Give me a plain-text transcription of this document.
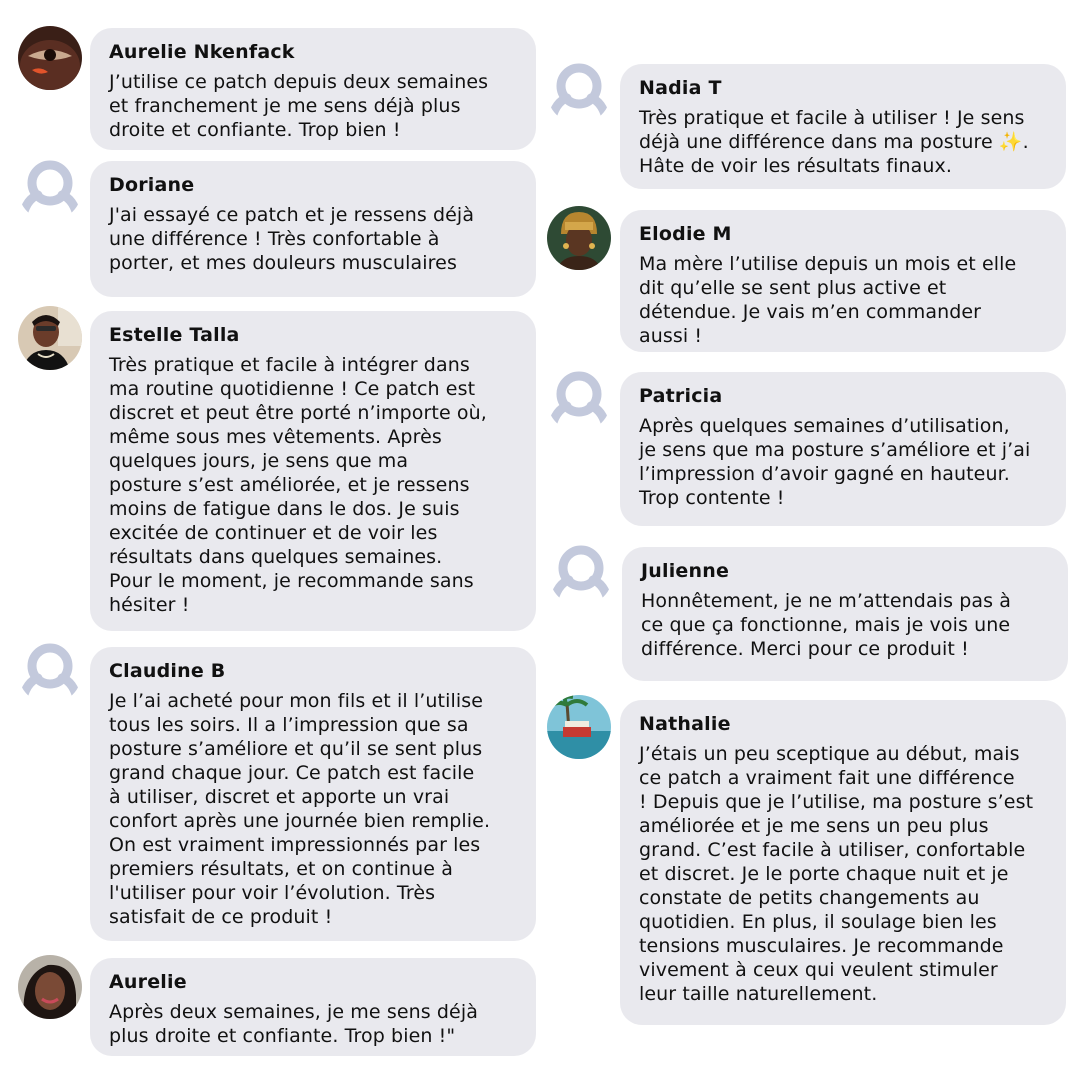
Aurelie Nkenfack
J’utilise ce patch depuis deux semaines
et franchement je me sens déjà plus
droite et confiante. Trop bien !
Doriane
J'ai essayé ce patch et je ressens déjà
une différence ! Très confortable à
porter, et mes douleurs musculaires
Estelle Talla
Très pratique et facile à intégrer dans
ma routine quotidienne ! Ce patch est
discret et peut être porté n’importe où,
même sous mes vêtements. Après
quelques jours, je sens que ma
posture s’est améliorée, et je ressens
moins de fatigue dans le dos. Je suis
excitée de continuer et de voir les
résultats dans quelques semaines.
Pour le moment, je recommande sans
hésiter !
Claudine B
Je l’ai acheté pour mon fils et il l’utilise
tous les soirs. Il a l’impression que sa
posture s’améliore et qu’il se sent plus
grand chaque jour. Ce patch est facile
à utiliser, discret et apporte un vrai
confort après une journée bien remplie.
On est vraiment impressionnés par les
premiers résultats, et on continue à
l'utiliser pour voir l’évolution. Très
satisfait de ce produit !
Aurelie
Après deux semaines, je me sens déjà
plus droite et confiante. Trop bien !"
Nadia T
Très pratique et facile à utiliser ! Je sens
déjà une différence dans ma posture ✨.
Hâte de voir les résultats finaux.
Elodie M
Ma mère l’utilise depuis un mois et elle
dit qu’elle se sent plus active et
détendue. Je vais m’en commander
aussi !
Patricia
Après quelques semaines d’utilisation,
je sens que ma posture s’améliore et j’ai
l’impression d’avoir gagné en hauteur.
Trop contente !
Julienne
Honnêtement, je ne m’attendais pas à
ce que ça fonctionne, mais je vois une
différence. Merci pour ce produit !
Nathalie
J’étais un peu sceptique au début, mais
ce patch a vraiment fait une différence
! Depuis que je l’utilise, ma posture s’est
améliorée et je me sens un peu plus
grand. C’est facile à utiliser, confortable
et discret. Je le porte chaque nuit et je
constate de petits changements au
quotidien. En plus, il soulage bien les
tensions musculaires. Je recommande
vivement à ceux qui veulent stimuler
leur taille naturellement.
